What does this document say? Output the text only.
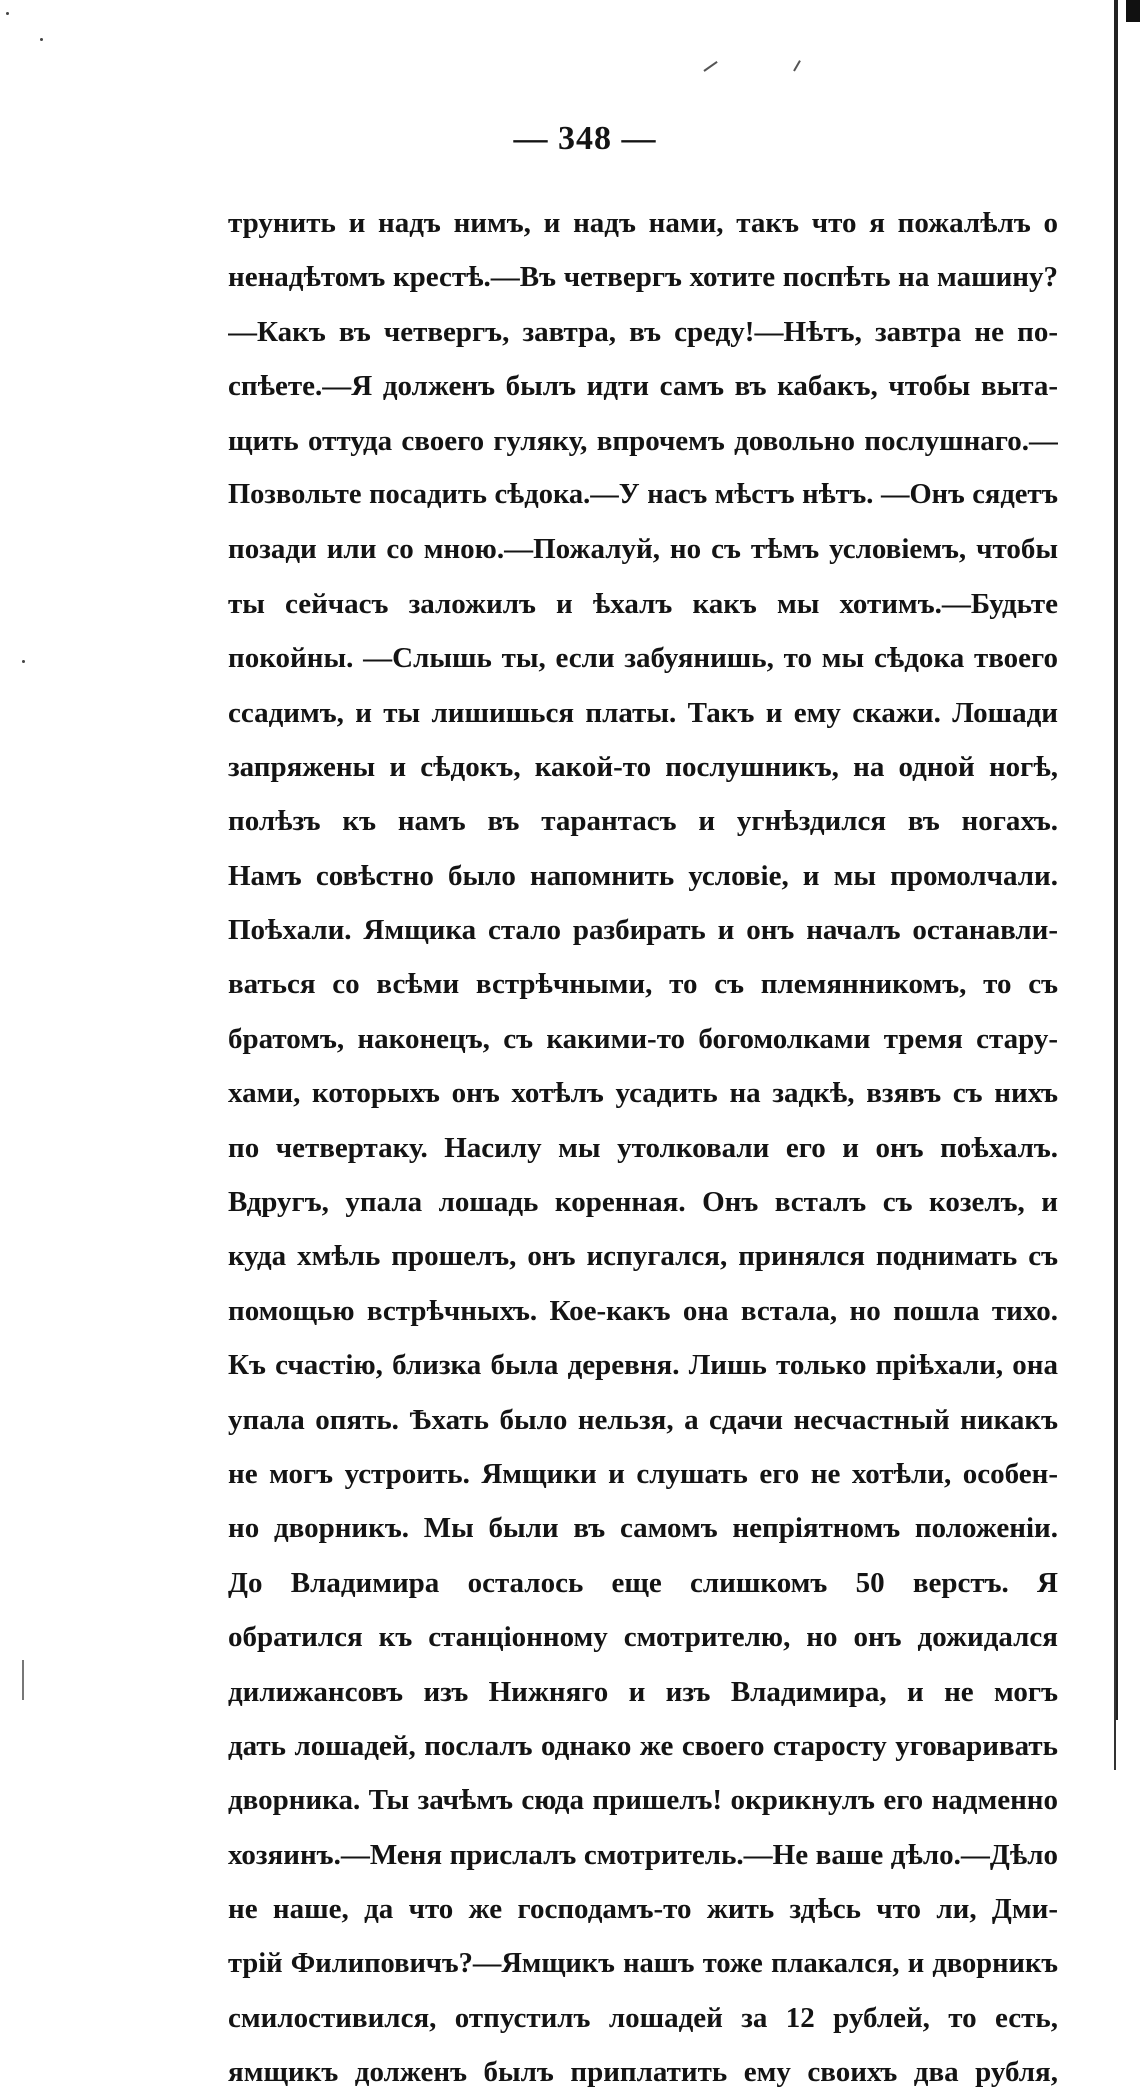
— 348 —
трунить и надъ нимъ, и надъ нами, такъ что я пожалѣлъ о
ненадѣтомъ крестѣ.—Въ четвергъ хотите поспѣть на машину?
—Какъ въ четвергъ, завтра, въ среду!—Нѣтъ, завтра не по-
спѣете.—Я долженъ былъ идти самъ въ кабакъ, чтобы выта-
щить оттуда своего гуляку, впрочемъ довольно послушнаго.—
Позвольте посадить сѣдока.—У насъ мѣстъ нѣтъ. —Онъ сядетъ
позади или со мною.—Пожалуй, но съ тѣмъ условіемъ, чтобы
ты сейчасъ заложилъ и ѣхалъ какъ мы хотимъ.—Будьте
покойны. —Слышь ты, если забуянишь, то мы сѣдока твоего
ссадимъ, и ты лишишься платы. Такъ и ему скажи. Лошади
запряжены и сѣдокъ, какой-то послушникъ, на одной ногѣ,
полѣзъ къ намъ въ тарантасъ и угнѣздился въ ногахъ.
Намъ совѣстно было напомнить условіе, и мы промолчали.
Поѣхали. Ямщика стало разбирать и онъ началъ останавли-
ваться со всѣми встрѣчными, то съ племянникомъ, то съ
братомъ, наконецъ, съ какими-то богомолками тремя стару-
хами, которыхъ онъ хотѣлъ усадить на задкѣ, взявъ съ нихъ
по четвертаку. Насилу мы утолковали его и онъ поѣхалъ.
Вдругъ, упала лошадь коренная. Онъ всталъ съ козелъ, и
куда хмѣль прошелъ, онъ испугался, принялся поднимать съ
помощью встрѣчныхъ. Кое-какъ она встала, но пошла тихо.
Къ счастію, близка была деревня. Лишь только пріѣхали, она
упала опять. Ѣхать было нельзя, а сдачи несчастный никакъ
не могъ устроить. Ямщики и слушать его не хотѣли, особен-
но дворникъ. Мы были въ самомъ непріятномъ положеніи.
До Владимира осталось еще слишкомъ 50 верстъ. Я
обратился къ станціонному смотрителю, но онъ дожидался
дилижансовъ изъ Нижняго и изъ Владимира, и не могъ
дать лошадей, послалъ однако же своего старосту уговаривать
дворника. Ты зачѣмъ сюда пришелъ! окрикнулъ его надменно
хозяинъ.—Меня прислалъ смотритель.—Не ваше дѣло.—Дѣло
не наше, да что же господамъ-то жить здѣсь что ли, Дми-
трій Филиповичъ?—Ямщикъ нашъ тоже плакался, и дворникъ
смилостивился, отпустилъ лошадей за 12 рублей, то есть,
ямщикъ долженъ былъ приплатить ему своихъ два рубля,
